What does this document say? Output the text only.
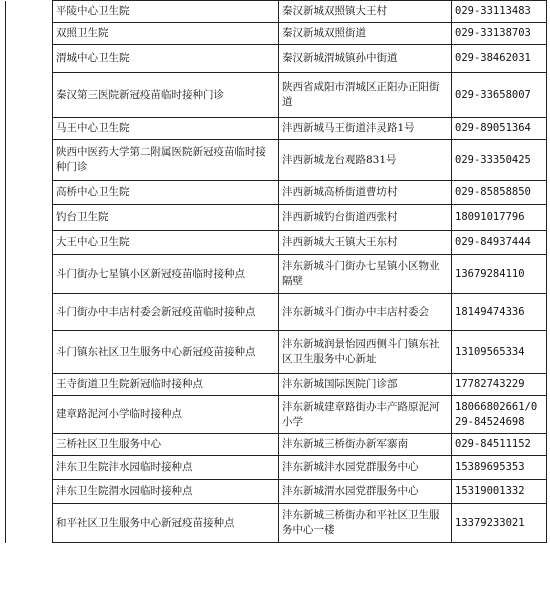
	平陵中心卫生院	秦汉新城双照镇大王村	029-33113483
	双照卫生院	秦汉新城双照街道	029-33138703
	渭城中心卫生院	秦汉新城渭城镇孙中街道	029-38462031
	秦汉第三医院新冠疫苗临时接种门诊	陕西省咸阳市渭城区正阳办正阳街道	029-33658007
	马王中心卫生院	沣西新城马王街道沣灵路1号	029-89051364
	陕西中医药大学第二附属医院新冠疫苗临时接种门诊	沣西新城龙台观路831号	029-33350425
	高桥中心卫生院	沣西新城高桥街道曹坊村	029-85858850
	钓台卫生院	沣西新城钓台街道西张村	18091017796
	大王中心卫生院	沣西新城大王镇大王东村	029-84937444
	斗门街办七星镇小区新冠疫苗临时接种点	沣东新城斗门街办七星镇小区物业隔壁	13679284110
	斗门街办中丰店村委会新冠疫苗临时接种点	沣东新城斗门街办中丰店村委会	18149474336
	斗门镇东社区卫生服务中心新冠疫苗接种点	沣东新城润景怡园西侧斗门镇东社区卫生服务中心新址	13109565334
	王寺街道卫生院新冠临时接种点	沣东新城国际医院门诊部	17782743229
	建章路泥河小学临时接种点	沣东新城建章路街办丰产路原泥河小学	18066802661/029-84524698
	三桥社区卫生服务中心	沣东新城三桥街办新军寨南	029-84511152
	沣东卫生院沣水园临时接种点	沣东新城沣水园党群服务中心	15389695353
	沣东卫生院渭水园临时接种点	沣东新城渭水园党群服务中心	15319001332
	和平社区卫生服务中心新冠疫苗接种点	沣东新城三桥街办和平社区卫生服务中心一楼	13379233021
